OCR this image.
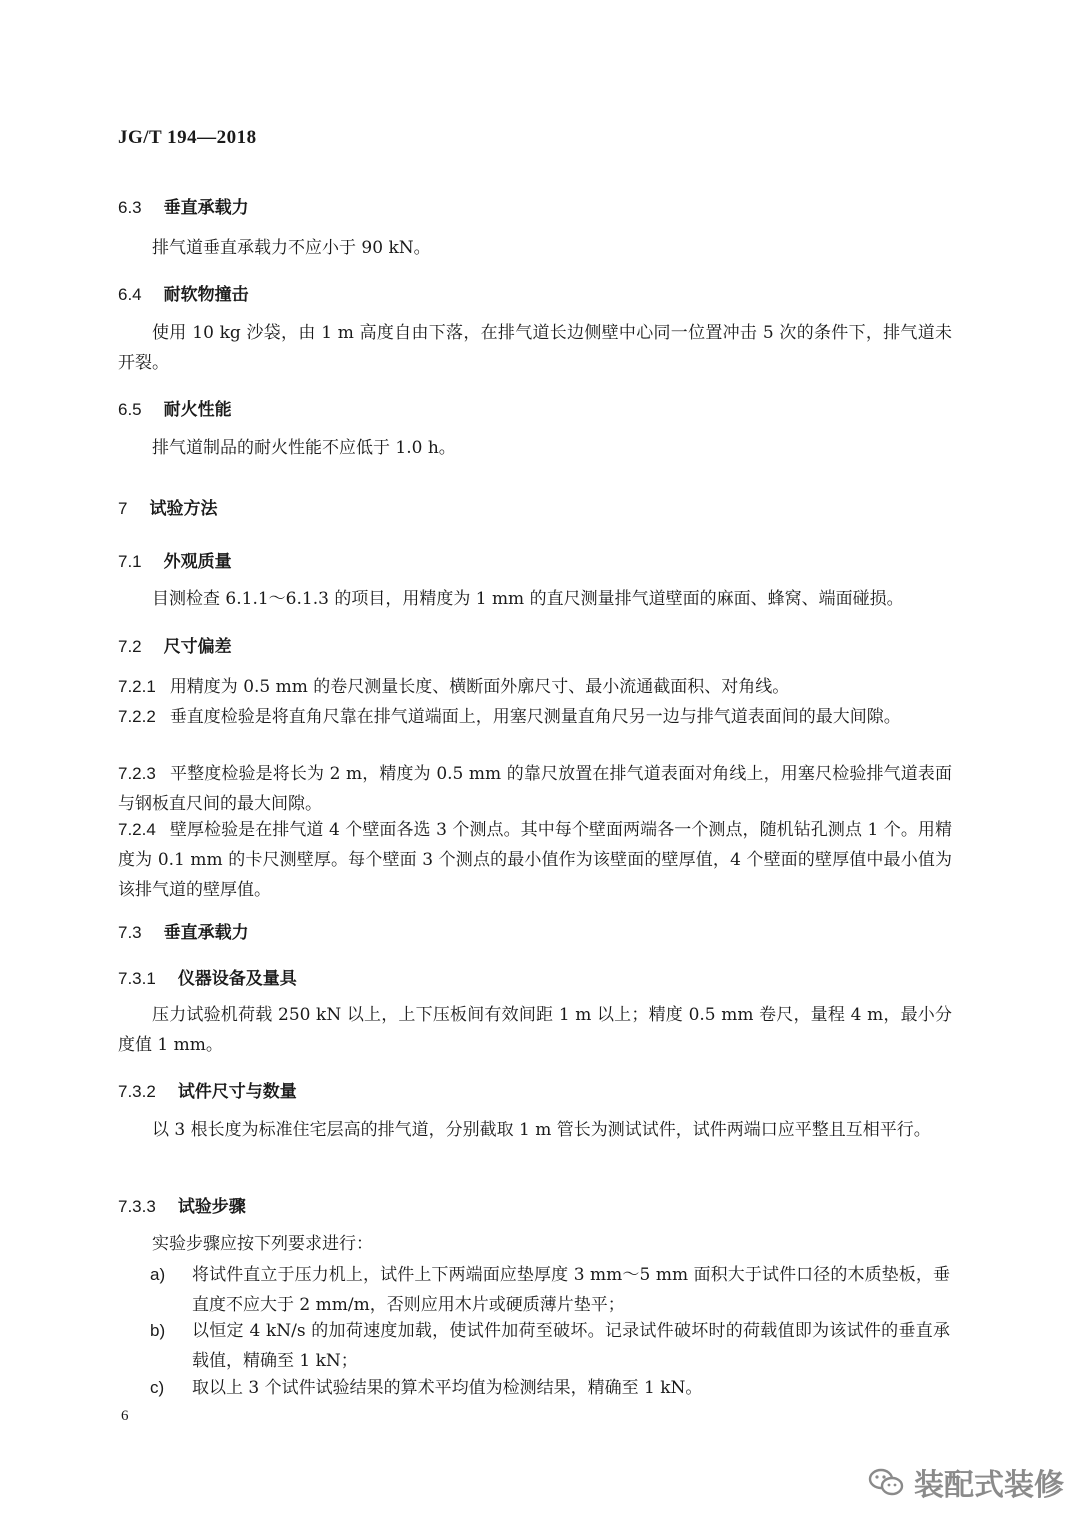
JG/T 194—2018
6.3 垂直承载力
排气道垂直承载力不应小于 90 kN。
6.4 耐软物撞击
使用 10 kg 沙袋，由 1 m 高度自由下落，在排气道长边侧壁中心同一位置冲击 5 次的条件下，排气道未开裂。
6.5 耐火性能
排气道制品的耐火性能不应低于 1.0 h。
7 试验方法
7.1 外观质量
目测检查 6.1.1～6.1.3 的项目，用精度为 1 mm 的直尺测量排气道壁面的麻面、蜂窝、端面碰损。
7.2 尺寸偏差
7.2.1 用精度为 0.5 mm 的卷尺测量长度、横断面外廓尺寸、最小流通截面积、对角线。
7.2.2 垂直度检验是将直角尺靠在排气道端面上，用塞尺测量直角尺另一边与排气道表面间的最大间隙。
7.2.3 平整度检验是将长为 2 m，精度为 0.5 mm 的靠尺放置在排气道表面对角线上，用塞尺检验排气道表面与钢板直尺间的最大间隙。
7.2.4 壁厚检验是在排气道 4 个壁面各选 3 个测点。其中每个壁面两端各一个测点，随机钻孔测点 1 个。用精度为 0.1 mm 的卡尺测壁厚。每个壁面 3 个测点的最小值作为该壁面的壁厚值，4 个壁面的壁厚值中最小值为该排气道的壁厚值。
7.3 垂直承载力
7.3.1 仪器设备及量具
压力试验机荷载 250 kN 以上，上下压板间有效间距 1 m 以上；精度 0.5 mm 卷尺，量程 4 m，最小分度值 1 mm。
7.3.2 试件尺寸与数量
以 3 根长度为标准住宅层高的排气道，分别截取 1 m 管长为测试试件，试件两端口应平整且互相平行。
7.3.3 试验步骤
实验步骤应按下列要求进行：
a) 将试件直立于压力机上，试件上下两端面应垫厚度 3 mm～5 mm 面积大于试件口径的木质垫板，垂直度不应大于 2 mm/m，否则应用木片或硬质薄片垫平；
b) 以恒定 4 kN/s 的加荷速度加载，使试件加荷至破坏。记录试件破坏时的荷载值即为该试件的垂直承载值，精确至 1 kN；
c) 取以上 3 个试件试验结果的算术平均值为检测结果，精确至 1 kN。
6
装配式装修
